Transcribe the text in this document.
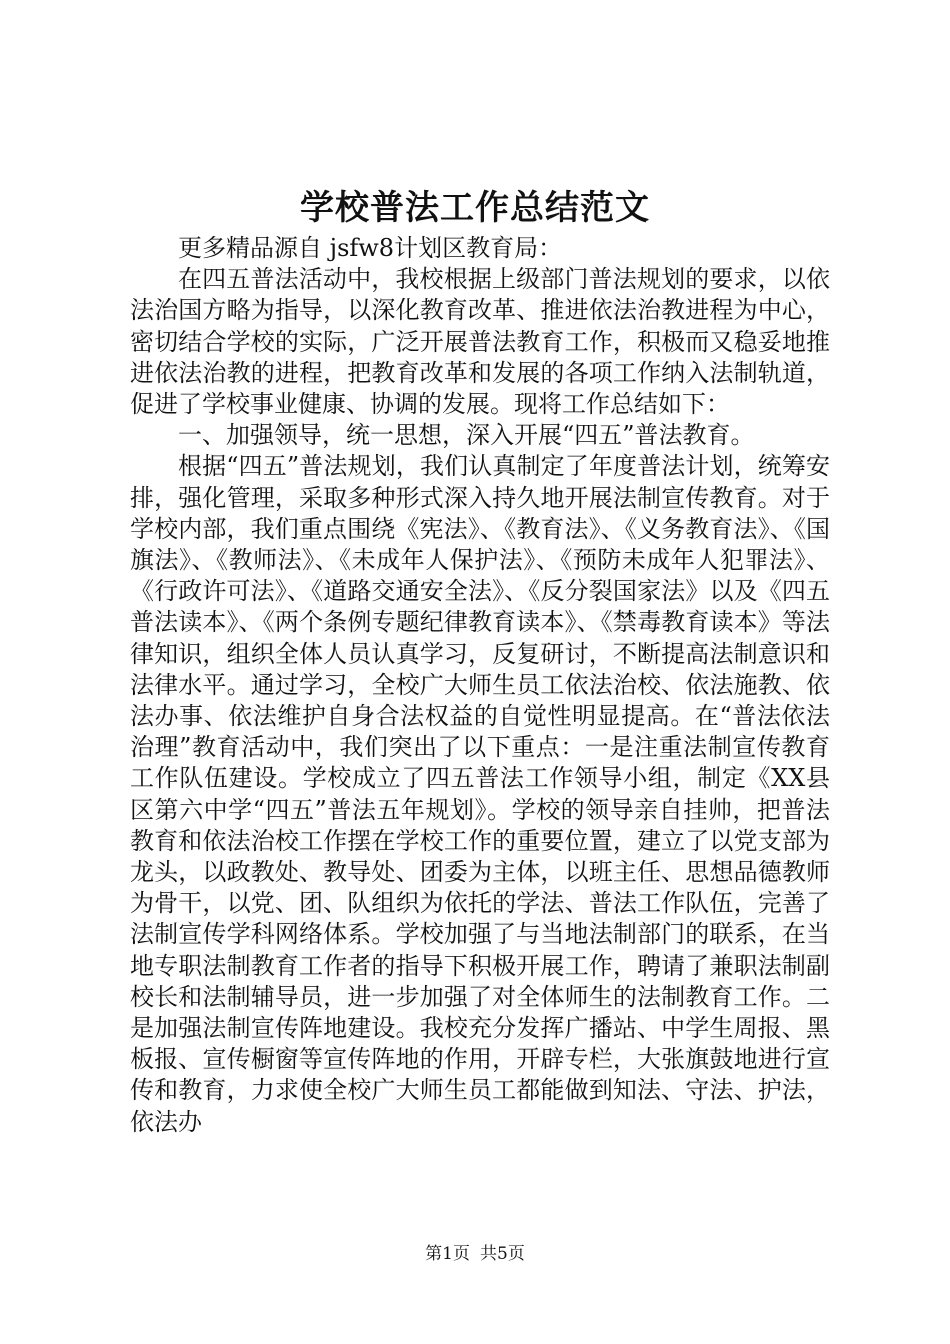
学校普法工作总结范文

更多精品源自 jsfw8计划区教育局：

在四五普法活动中，我校根据上级部门普法规划的要求，以依法治国方略为指导，以深化教育改革、推进依法治教进程为中心，密切结合学校的实际，广泛开展普法教育工作，积极而又稳妥地推进依法治教的进程，把教育改革和发展的各项工作纳入法制轨道，促进了学校事业健康、协调的发展。现将工作总结如下：

一、加强领导，统一思想，深入开展“四五”普法教育。

根据“四五”普法规划，我们认真制定了年度普法计划，统筹安排，强化管理，采取多种形式深入持久地开展法制宣传教育。对于学校内部，我们重点围绕《宪法》、《教育法》、《义务教育法》、《国旗法》、《教师法》、《未成年人保护法》、《预防未成年人犯罪法》、《行政许可法》、《道路交通安全法》、《反分裂国家法》以及《四五普法读本》、《两个条例专题纪律教育读本》、《禁毒教育读本》等法律知识，组织全体人员认真学习，反复研讨，不断提高法制意识和法律水平。通过学习，全校广大师生员工依法治校、依法施教、依法办事、依法维护自身合法权益的自觉性明显提高。在“普法依法治理”教育活动中，我们突出了以下重点：一是注重法制宣传教育工作队伍建设。学校成立了四五普法工作领导小组，制定《XX县区第六中学“四五”普法五年规划》。学校的领导亲自挂帅，把普法教育和依法治校工作摆在学校工作的重要位置，建立了以党支部为龙头，以政教处、教导处、团委为主体，以班主任、思想品德教师为骨干，以党、团、队组织为依托的学法、普法工作队伍，完善了法制宣传学科网络体系。学校加强了与当地法制部门的联系，在当地专职法制教育工作者的指导下积极开展工作，聘请了兼职法制副校长和法制辅导员，进一步加强了对全体师生的法制教育工作。二是加强法制宣传阵地建设。我校充分发挥广播站、中学生周报、黑板报、宣传橱窗等宣传阵地的作用，开辟专栏，大张旗鼓地进行宣传和教育，力求使全校广大师生员工都能做到知法、守法、护法，依法办

第1页 共5页
